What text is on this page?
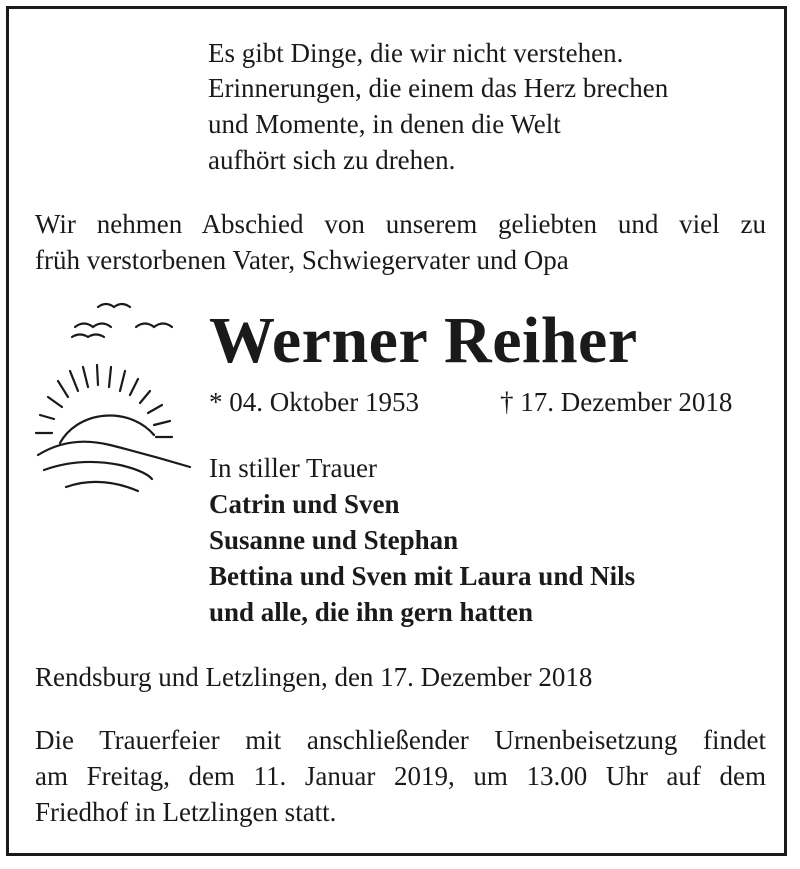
Es gibt Dinge, die wir nicht verstehen.
Erinnerungen, die einem das Herz brechen
und Momente, in denen die Welt
aufhört sich zu drehen.
Wir nehmen Abschied von unserem geliebten und viel zu
früh verstorbenen Vater, Schwiegervater und Opa
Werner Reiher
* 04. Oktober 1953	† 17. Dezember 2018
In stiller Trauer
Catrin und Sven
Susanne und Stephan
Bettina und Sven mit Laura und Nils
und alle, die ihn gern hatten
Rendsburg und Letzlingen, den 17. Dezember 2018
Die Trauerfeier mit anschließender Urnenbeisetzung findet
am Freitag, dem 11. Januar 2019, um 13.00 Uhr auf dem
Friedhof in Letzlingen statt.
